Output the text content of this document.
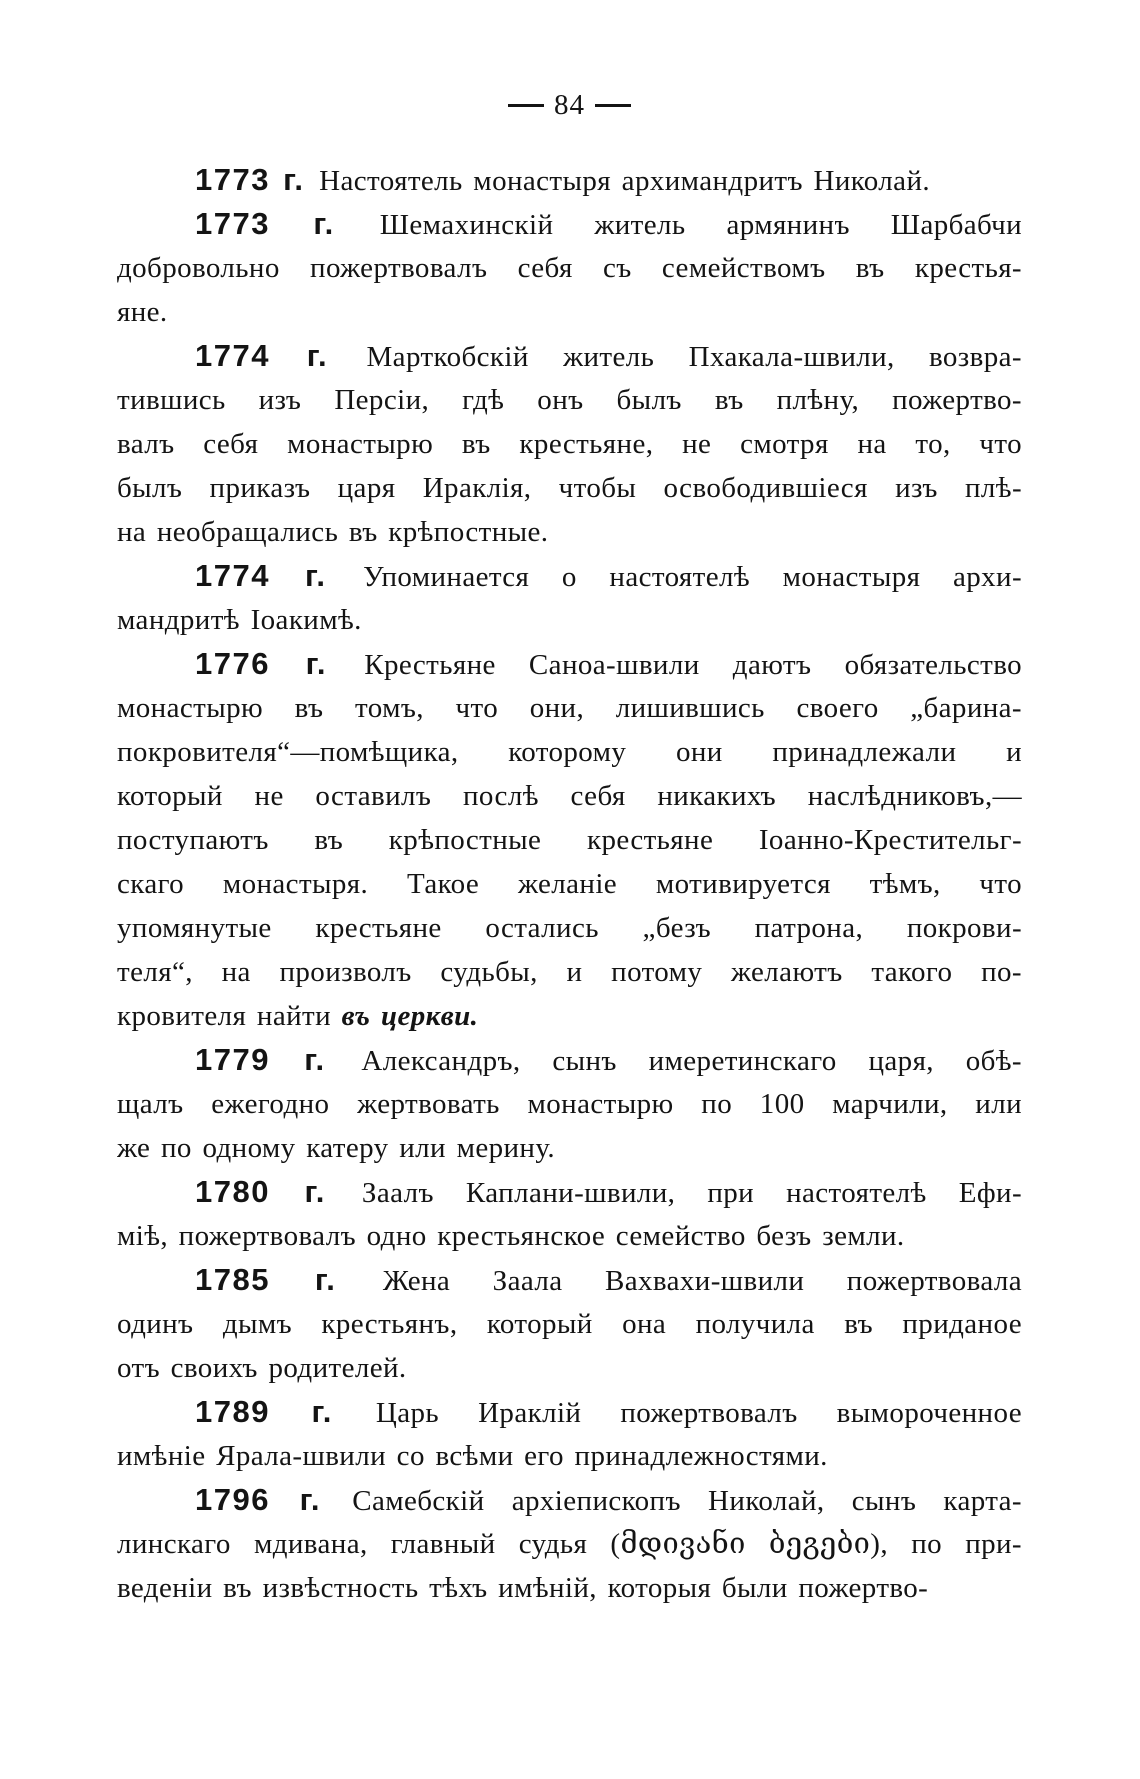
84
1773 г. Настоятель монастыря архимандритъ Николай.
1773 г. Шемахинскій житель армянинъ Шарбабчи
добровольно пожертвовалъ себя съ семействомъ въ крестья-
яне.
1774 г. Марткобскій житель Пхакала-швили, возвра-
тившись изъ Персіи, гдѣ онъ былъ въ плѣну, пожертво-
валъ себя монастырю въ крестьяне, не смотря на то, что
былъ приказъ царя Ираклія, чтобы освободившіеся изъ плѣ-
на необращались въ крѣпостные.
1774 г. Упоминается о настоятелѣ монастыря архи-
мандритѣ Іоакимѣ.
1776 г. Крестьяне Саноа-швили даютъ обязательство
монастырю въ томъ, что они, лишившись своего „барина-
покровителя“—помѣщика, которому они принадлежали и
который не оставилъ послѣ себя никакихъ наслѣдниковъ,—
поступаютъ въ крѣпостные крестьяне Іоанно-Крестительг-
скаго монастыря. Такое желаніе мотивируется тѣмъ, что
упомянутые крестьяне остались „безъ патрона, покрови-
теля“, на произволъ судьбы, и потому желаютъ такого по-
кровителя найти въ церкви.
1779 г. Александръ, сынъ имеретинскаго царя, обѣ-
щалъ ежегодно жертвовать монастырю по 100 марчили, или
же по одному катеру или мерину.
1780 г. Заалъ Каплани-швили, при настоятелѣ Ефи-
міѣ, пожертвовалъ одно крестьянское семейство безъ земли.
1785 г. Жена Заала Вахвахи-швили пожертвовала
одинъ дымъ крестьянъ, который она получила въ приданое
отъ своихъ родителей.
1789 г. Царь Ираклій пожертвовалъ вымороченное
имѣніе Ярала-швили со всѣми его принадлежностями.
1796 г. Самебскій архіепископъ Николай, сынъ карта-
линскаго мдивана, главный судья (მდივანი ბეგები), по при-
веденіи въ извѣстность тѣхъ имѣній, которыя были пожертво-
